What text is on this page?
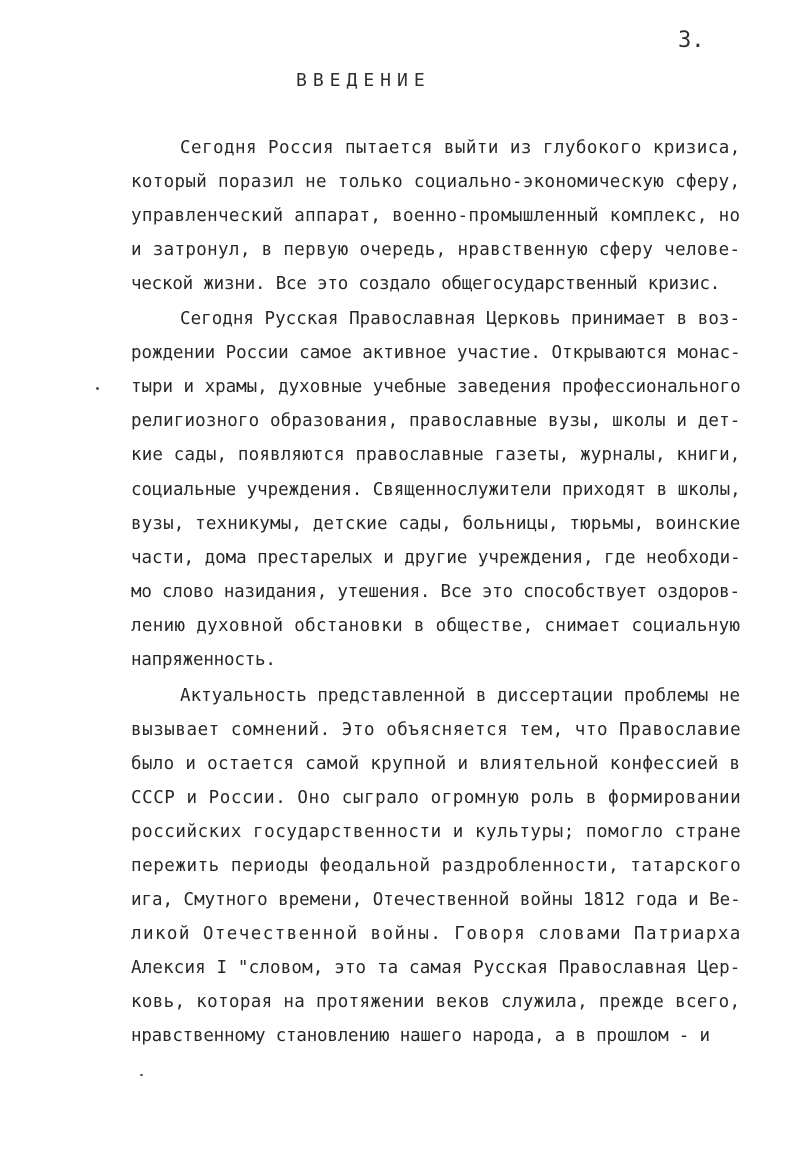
3.
ВВЕДЕНИЕ
Сегодня Россия пытается выйти из глубокого кризиса,
который поразил не только социально-экономическую сферу,
управленческий аппарат, военно-промышленный комплекс, но
и затронул, в первую очередь, нравственную сферу челове-
ческой жизни. Все это создало общегосударственный кризис.
Сегодня Русская Православная Церковь принимает в воз-
рождении России самое активное участие. Открываются монас-
тыри и храмы, духовные учебные заведения профессионального
религиозного образования, православные вузы, школы и дет-
кие сады, появляются православные газеты, журналы, книги,
социальные учреждения. Священнослужители приходят в школы,
вузы, техникумы, детские сады, больницы, тюрьмы, воинские
части, дома престарелых и другие учреждения, где необходи-
мо слово назидания, утешения. Все это способствует оздоров-
лению духовной обстановки в обществе, снимает социальную
напряженность.
Актуальность представленной в диссертации проблемы не
вызывает сомнений. Это объясняется тем, что Православие
было и остается самой крупной и влиятельной конфессией в
СССР и России. Оно сыграло огромную роль в формировании
российских государственности и культуры; помогло стране
пережить периоды феодальной раздробленности, татарского
ига, Смутного времени, Отечественной войны 1812 года и Ве-
ликой Отечественной войны. Говоря словами Патриарха
Алексия I "словом, это та самая Русская Православная Цер-
ковь, которая на протяжении веков служила, прежде всего,
нравственному становлению нашего народа, а в прошлом - и
